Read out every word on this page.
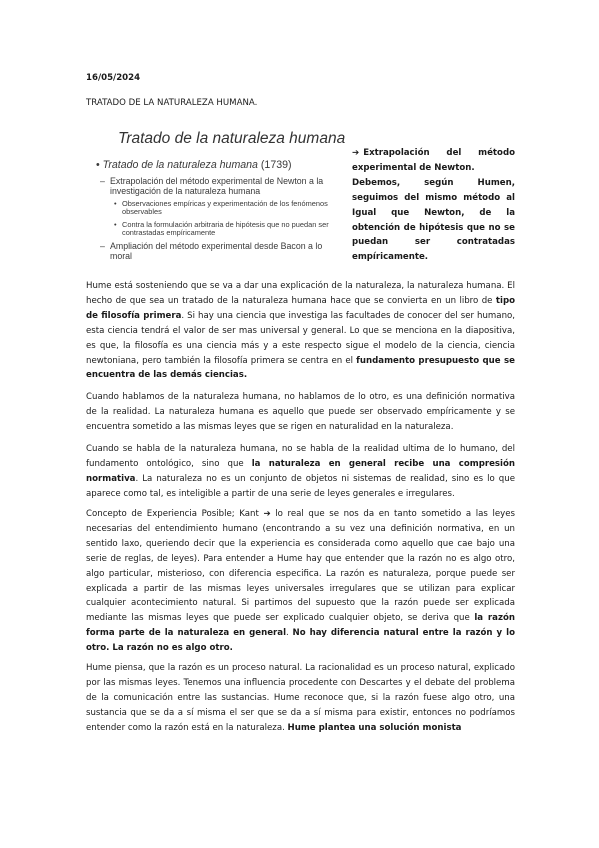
16/05/2024
TRATADO DE LA NATURALEZA HUMANA.
Tratado de la naturaleza humana
• Tratado de la naturaleza humana (1739)
– Extrapolación del método experimental de Newton a la investigación de la naturaleza humana
• Observaciones empíricas y experimentación de los fenómenos observables
• Contra la formulación arbitraria de hipótesis que no puedan ser contrastadas empíricamente
– Ampliación del método experimental desde Bacon a lo moral
➔ Extrapolación del método experimental de Newton.
Debemos, según Humen, seguimos del mismo método al Igual que Newton, de la obtención de hipótesis que no se puedan ser contratadas empíricamente.
Hume está sosteniendo que se va a dar una explicación de la naturaleza, la naturaleza humana. El hecho de que sea un tratado de la naturaleza humana hace que se convierta en un libro de tipo de filosofía primera. Si hay una ciencia que investiga las facultades de conocer del ser humano, esta ciencia tendrá el valor de ser mas universal y general. Lo que se menciona en la diapositiva, es que, la filosofía es una ciencia más y a este respecto sigue el modelo de la ciencia, ciencia newtoniana, pero también la filosofía primera se centra en el fundamento presupuesto que se encuentra de las demás ciencias.
Cuando hablamos de la naturaleza humana, no hablamos de lo otro, es una definición normativa de la realidad. La naturaleza humana es aquello que puede ser observado empíricamente y se encuentra sometido a las mismas leyes que se rigen en naturalidad en la naturaleza.
Cuando se habla de la naturaleza humana, no se habla de la realidad ultima de lo humano, del fundamento ontológico, sino que la naturaleza en general recibe una compresión normativa. La naturaleza no es un conjunto de objetos ni sistemas de realidad, sino es lo que aparece como tal, es inteligible a partir de una serie de leyes generales e irregulares.
Concepto de Experiencia Posible; Kant ➔ lo real que se nos da en tanto sometido a las leyes necesarias del entendimiento humano (encontrando a su vez una definición normativa, en un sentido laxo, queriendo decir que la experiencia es considerada como aquello que cae bajo una serie de reglas, de leyes). Para entender a Hume hay que entender que la razón no es algo otro, algo particular, misterioso, con diferencia especifica. La razón es naturaleza, porque puede ser explicada a partir de las mismas leyes universales irregulares que se utilizan para explicar cualquier acontecimiento natural. Si partimos del supuesto que la razón puede ser explicada mediante las mismas leyes que puede ser explicado cualquier objeto, se deriva que la razón forma parte de la naturaleza en general. No hay diferencia natural entre la razón y lo otro. La razón no es algo otro.
Hume piensa, que la razón es un proceso natural. La racionalidad es un proceso natural, explicado por las mismas leyes. Tenemos una influencia procedente con Descartes y el debate del problema de la comunicación entre las sustancias. Hume reconoce que, si la razón fuese algo otro, una sustancia que se da a sí misma el ser que se da a sí misma para existir, entonces no podríamos entender como la razón está en la naturaleza. Hume plantea una solución monista
